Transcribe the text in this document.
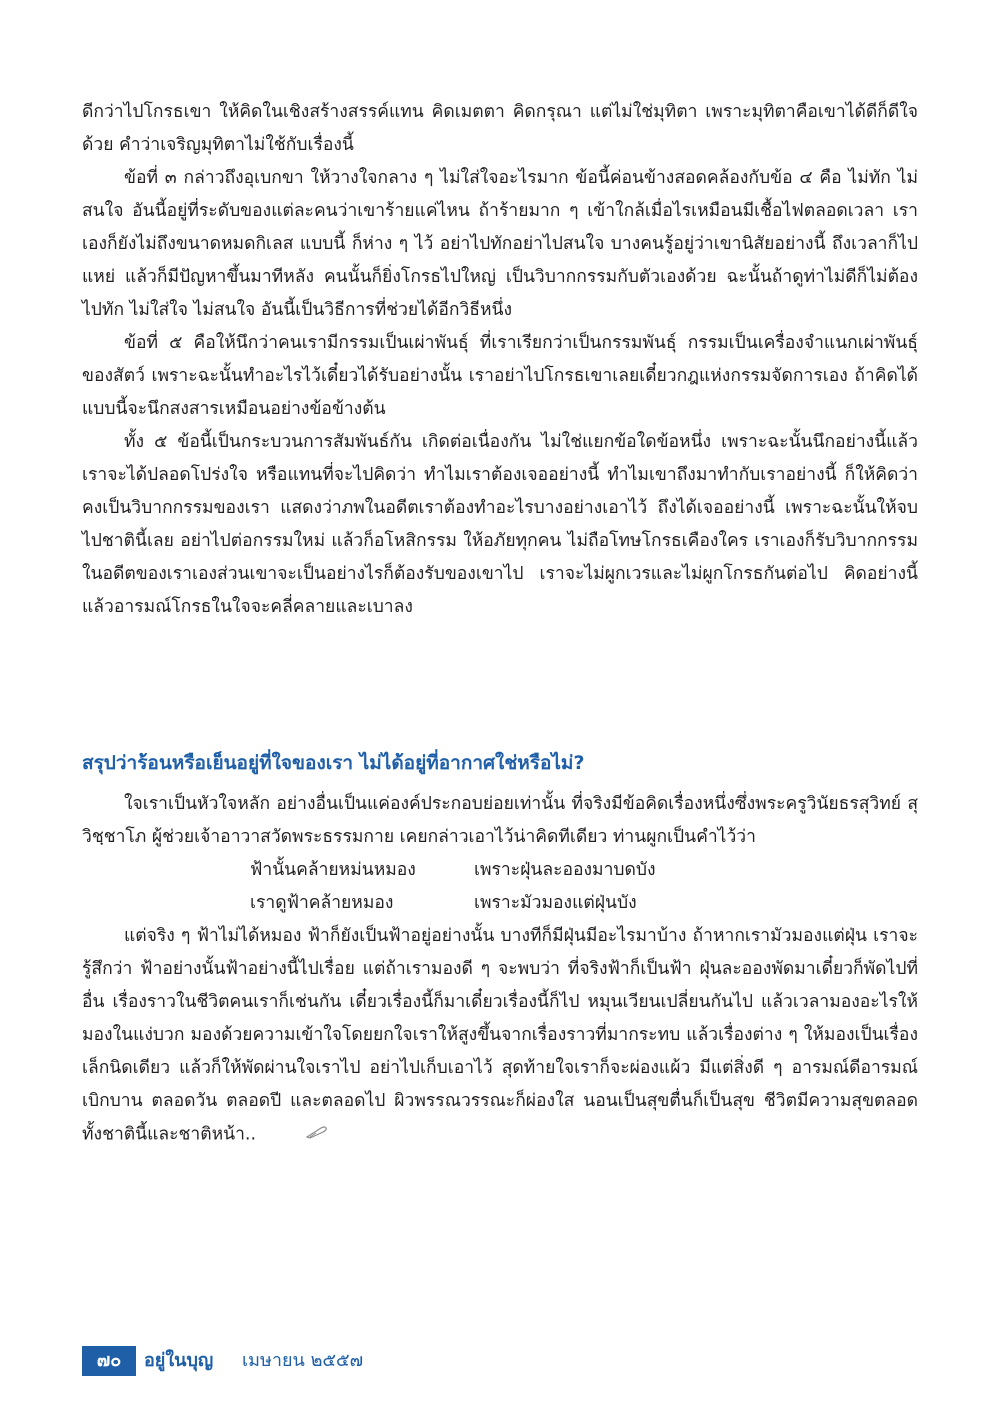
ดีกว่าไปโกรธเขา ให้คิดในเชิงสร้างสรรค์แทน คิดเมตตา คิดกรุณา แต่ไม่ใช่มุทิตา เพราะมุทิตาคือเขาได้ดีก็ดีใจด้วย คำว่าเจริญมุทิตาไม่ใช้กับเรื่องนี้

ข้อที่ ๓ กล่าวถึงอุเบกขา ให้วางใจกลาง ๆ ไม่ใส่ใจอะไรมาก ข้อนี้ค่อนข้างสอดคล้องกับข้อ ๔ คือ ไม่ทัก ไม่สนใจ อันนี้อยู่ที่ระดับของแต่ละคนว่าเขาร้ายแค่ไหน ถ้าร้ายมาก ๆ เข้าใกล้เมื่อไรเหมือนมีเชื้อไฟตลอดเวลา เราเองก็ยังไม่ถึงขนาดหมดกิเลส แบบนี้ ก็ห่าง ๆ ไว้ อย่าไปทักอย่าไปสนใจ บางคนรู้อยู่ว่าเขานิสัยอย่างนี้ ถึงเวลาก็ไปแหย่ แล้วก็มีปัญหาขึ้นมาทีหลัง คนนั้นก็ยิ่งโกรธไปใหญ่ เป็นวิบากกรรมกับตัวเองด้วย ฉะนั้นถ้าดูท่าไม่ดีก็ไม่ต้องไปทัก ไม่ใส่ใจ ไม่สนใจ อันนี้เป็นวิธีการที่ช่วยได้อีกวิธีหนึ่ง

ข้อที่ ๕ คือให้นึกว่าคนเรามีกรรมเป็นเผ่าพันธุ์ ที่เราเรียกว่าเป็นกรรมพันธุ์ กรรมเป็นเครื่องจำแนกเผ่าพันธุ์ของสัตว์ เพราะฉะนั้นทำอะไรไว้เดี๋ยวได้รับอย่างนั้น เราอย่าไปโกรธเขาเลยเดี๋ยวกฎแห่งกรรมจัดการเอง ถ้าคิดได้แบบนี้จะนึกสงสารเหมือนอย่างข้อข้างต้น

ทั้ง ๕ ข้อนี้เป็นกระบวนการสัมพันธ์กัน เกิดต่อเนื่องกัน ไม่ใช่แยกข้อใดข้อหนึ่ง เพราะฉะนั้นนึกอย่างนี้แล้วเราจะได้ปลอดโปร่งใจ หรือแทนที่จะไปคิดว่า ทำไมเราต้องเจออย่างนี้ ทำไมเขาถึงมาทำกับเราอย่างนี้ ก็ให้คิดว่าคงเป็นวิบากกรรมของเรา แสดงว่าภพในอดีตเราต้องทำอะไรบางอย่างเอาไว้ ถึงได้เจออย่างนี้ เพราะฉะนั้นให้จบไปชาตินี้เลย อย่าไปต่อกรรมใหม่ แล้วก็อโหสิกรรม ให้อภัยทุกคน ไม่ถือโทษโกรธเคืองใคร เราเองก็รับวิบากกรรมในอดีตของเราเองส่วนเขาจะเป็นอย่างไรก็ต้องรับของเขาไป เราจะไม่ผูกเวรและไม่ผูกโกรธกันต่อไป คิดอย่างนี้แล้วอารมณ์โกรธในใจจะคลี่คลายและเบาลง

สรุปว่าร้อนหรือเย็นอยู่ที่ใจของเรา ไม่ได้อยู่ที่อากาศใช่หรือไม่?

ใจเราเป็นหัวใจหลัก อย่างอื่นเป็นแค่องค์ประกอบย่อยเท่านั้น ที่จริงมีข้อคิดเรื่องหนึ่งซึ่งพระครูวินัยธรสุวิทย์ สุวิชฺชาโภ ผู้ช่วยเจ้าอาวาสวัดพระธรรมกาย เคยกล่าวเอาไว้น่าคิดทีเดียว ท่านผูกเป็นคำไว้ว่า

ฟ้านั้นคล้ายหม่นหมอง	เพราะฝุ่นละอองมาบดบัง
เราดูฟ้าคล้ายหมอง	เพราะมัวมองแต่ฝุ่นบัง

แต่จริง ๆ ฟ้าไม่ได้หมอง ฟ้าก็ยังเป็นฟ้าอยู่อย่างนั้น บางทีก็มีฝุ่นมีอะไรมาบ้าง ถ้าหากเรามัวมองแต่ฝุ่น เราจะรู้สึกว่า ฟ้าอย่างนั้นฟ้าอย่างนี้ไปเรื่อย แต่ถ้าเรามองดี ๆ จะพบว่า ที่จริงฟ้าก็เป็นฟ้า ฝุ่นละอองพัดมาเดี๋ยวก็พัดไปที่อื่น เรื่องราวในชีวิตคนเราก็เช่นกัน เดี๋ยวเรื่องนี้ก็มาเดี๋ยวเรื่องนี้ก็ไป หมุนเวียนเปลี่ยนกันไป แล้วเวลามองอะไรให้มองในแง่บวก มองด้วยความเข้าใจโดยยกใจเราให้สูงขึ้นจากเรื่องราวที่มากระทบ แล้วเรื่องต่าง ๆ ให้มองเป็นเรื่องเล็กนิดเดียว แล้วก็ให้พัดผ่านใจเราไป อย่าไปเก็บเอาไว้ สุดท้ายใจเราก็จะผ่องแผ้ว มีแต่สิ่งดี ๆ อารมณ์ดีอารมณ์เบิกบาน ตลอดวัน ตลอดปี และตลอดไป ผิวพรรณวรรณะก็ผ่องใส นอนเป็นสุขตื่นก็เป็นสุข ชีวิตมีความสุขตลอดทั้งชาตินี้และชาติหน้า..

๗๐	อยู่ในบุญ เมษายน ๒๕๕๗
